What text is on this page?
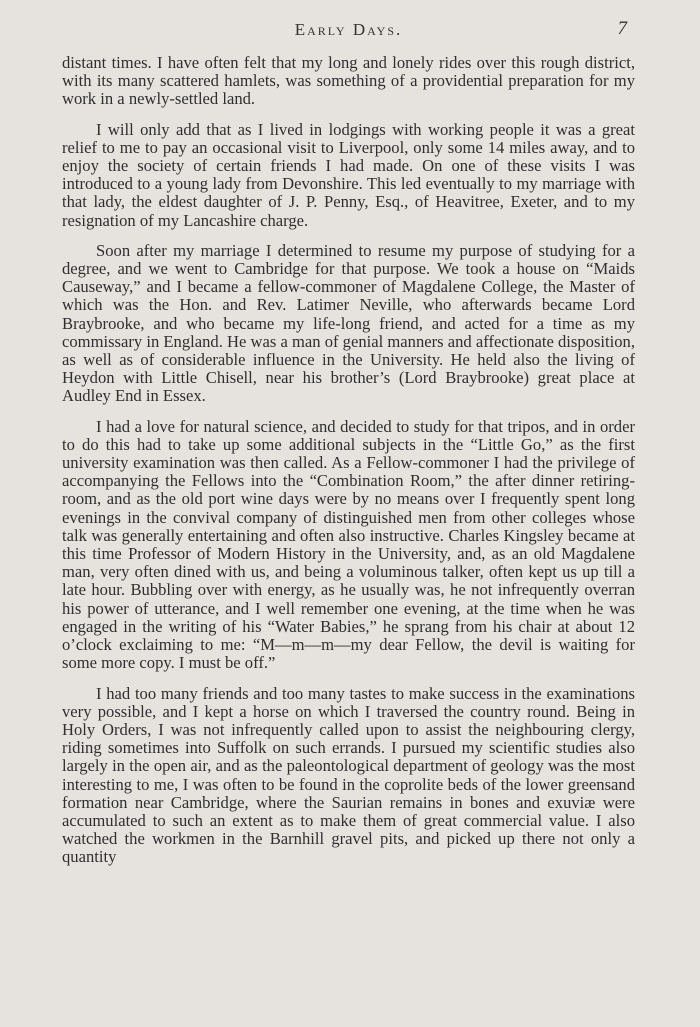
Early Days.	7

distant times. I have often felt that my long and lonely rides over this rough district, with its many scattered hamlets, was something of a providential preparation for my work in a newly-settled land.

I will only add that as I lived in lodgings with working people it was a great relief to me to pay an occasional visit to Liverpool, only some 14 miles away, and to enjoy the society of certain friends I had made. On one of these visits I was introduced to a young lady from Devonshire. This led eventually to my marriage with that lady, the eldest daughter of J. P. Penny, Esq., of Heavitree, Exeter, and to my resignation of my Lancashire charge.

Soon after my marriage I determined to resume my purpose of studying for a degree, and we went to Cambridge for that purpose. We took a house on “Maids Causeway,” and I became a fellow-commoner of Magdalene College, the Master of which was the Hon. and Rev. Latimer Neville, who afterwards became Lord Braybrooke, and who became my life-long friend, and acted for a time as my commissary in England. He was a man of genial manners and affectionate disposition, as well as of considerable influence in the University. He held also the living of Heydon with Little Chisell, near his brother’s (Lord Braybrooke) great place at Audley End in Essex.

I had a love for natural science, and decided to study for that tripos, and in order to do this had to take up some additional subjects in the “Little Go,” as the first university examination was then called. As a Fellow-commoner I had the privilege of accompanying the Fellows into the “Combination Room,” the after dinner retiring-room, and as the old port wine days were by no means over I frequently spent long evenings in the convival company of distinguished men from other colleges whose talk was generally entertaining and often also instructive. Charles Kingsley became at this time Professor of Modern History in the University, and, as an old Magdalene man, very often dined with us, and being a voluminous talker, often kept us up till a late hour. Bubbling over with energy, as he usually was, he not infrequently overran his power of utterance, and I well remember one evening, at the time when he was engaged in the writing of his “Water Babies,” he sprang from his chair at about 12 o’clock exclaiming to me: “M—m—m—my dear Fellow, the devil is waiting for some more copy. I must be off.”

I had too many friends and too many tastes to make success in the examinations very possible, and I kept a horse on which I traversed the country round. Being in Holy Orders, I was not infrequently called upon to assist the neighbouring clergy, riding sometimes into Suffolk on such errands. I pursued my scientific studies also largely in the open air, and as the paleontological department of geology was the most interesting to me, I was often to be found in the coprolite beds of the lower greensand formation near Cambridge, where the Saurian remains in bones and exuviæ were accumulated to such an extent as to make them of great commercial value. I also watched the workmen in the Barnhill gravel pits, and picked up there not only a quantity
